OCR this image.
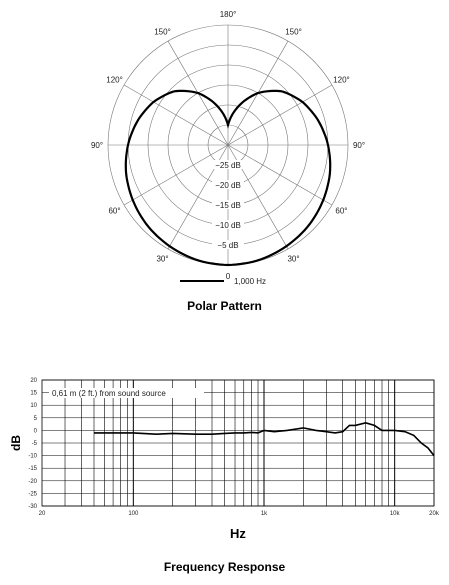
0
30°
60°
90°
120°
150°
180°
150°
120°
90°
60°
30°
−25 dB
−20 dB
−15 dB
−10 dB
−5 dB
1,000 Hz
Polar Pattern
20
15
10
5
0
-5
-10
-15
-20
-25
-30
20	100	1k	10k	20k
0,61 m (2 ft.) from sound source
dB
Hz
Frequency Response
